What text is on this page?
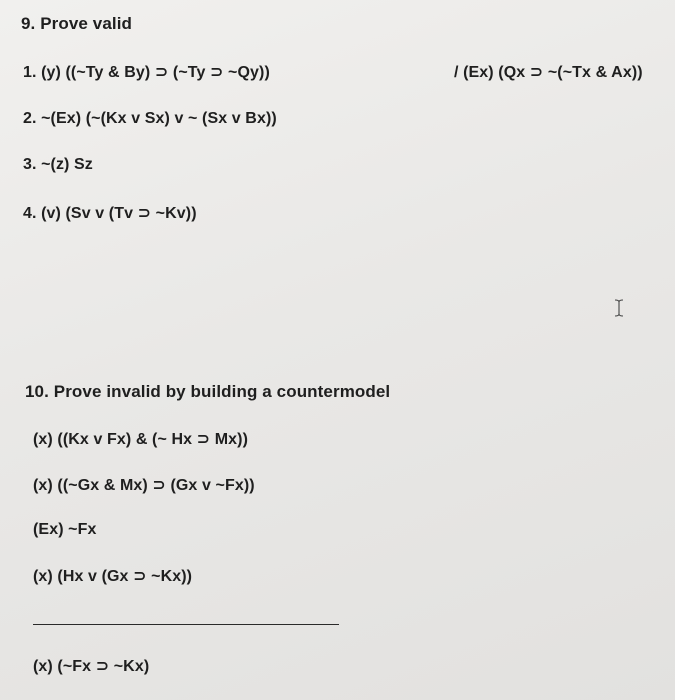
9. Prove valid
1. (y) ((~Ty & By) ⊃ (~Ty ⊃ ~Qy))	/ (Ex) (Qx ⊃ ~(~Tx & Ax))
2. ~(Ex) (~(Kx v Sx) v ~ (Sx v Bx))
3. ~(z) Sz
4. (v) (Sv v (Tv ⊃ ~Kv))
10. Prove invalid by building a countermodel
(x) ((Kx v Fx) & (~ Hx ⊃ Mx))
(x) ((~Gx & Mx) ⊃ (Gx v ~Fx))
(Ex) ~Fx
(x) (Hx v (Gx ⊃ ~Kx))
(x) (~Fx ⊃ ~Kx)
